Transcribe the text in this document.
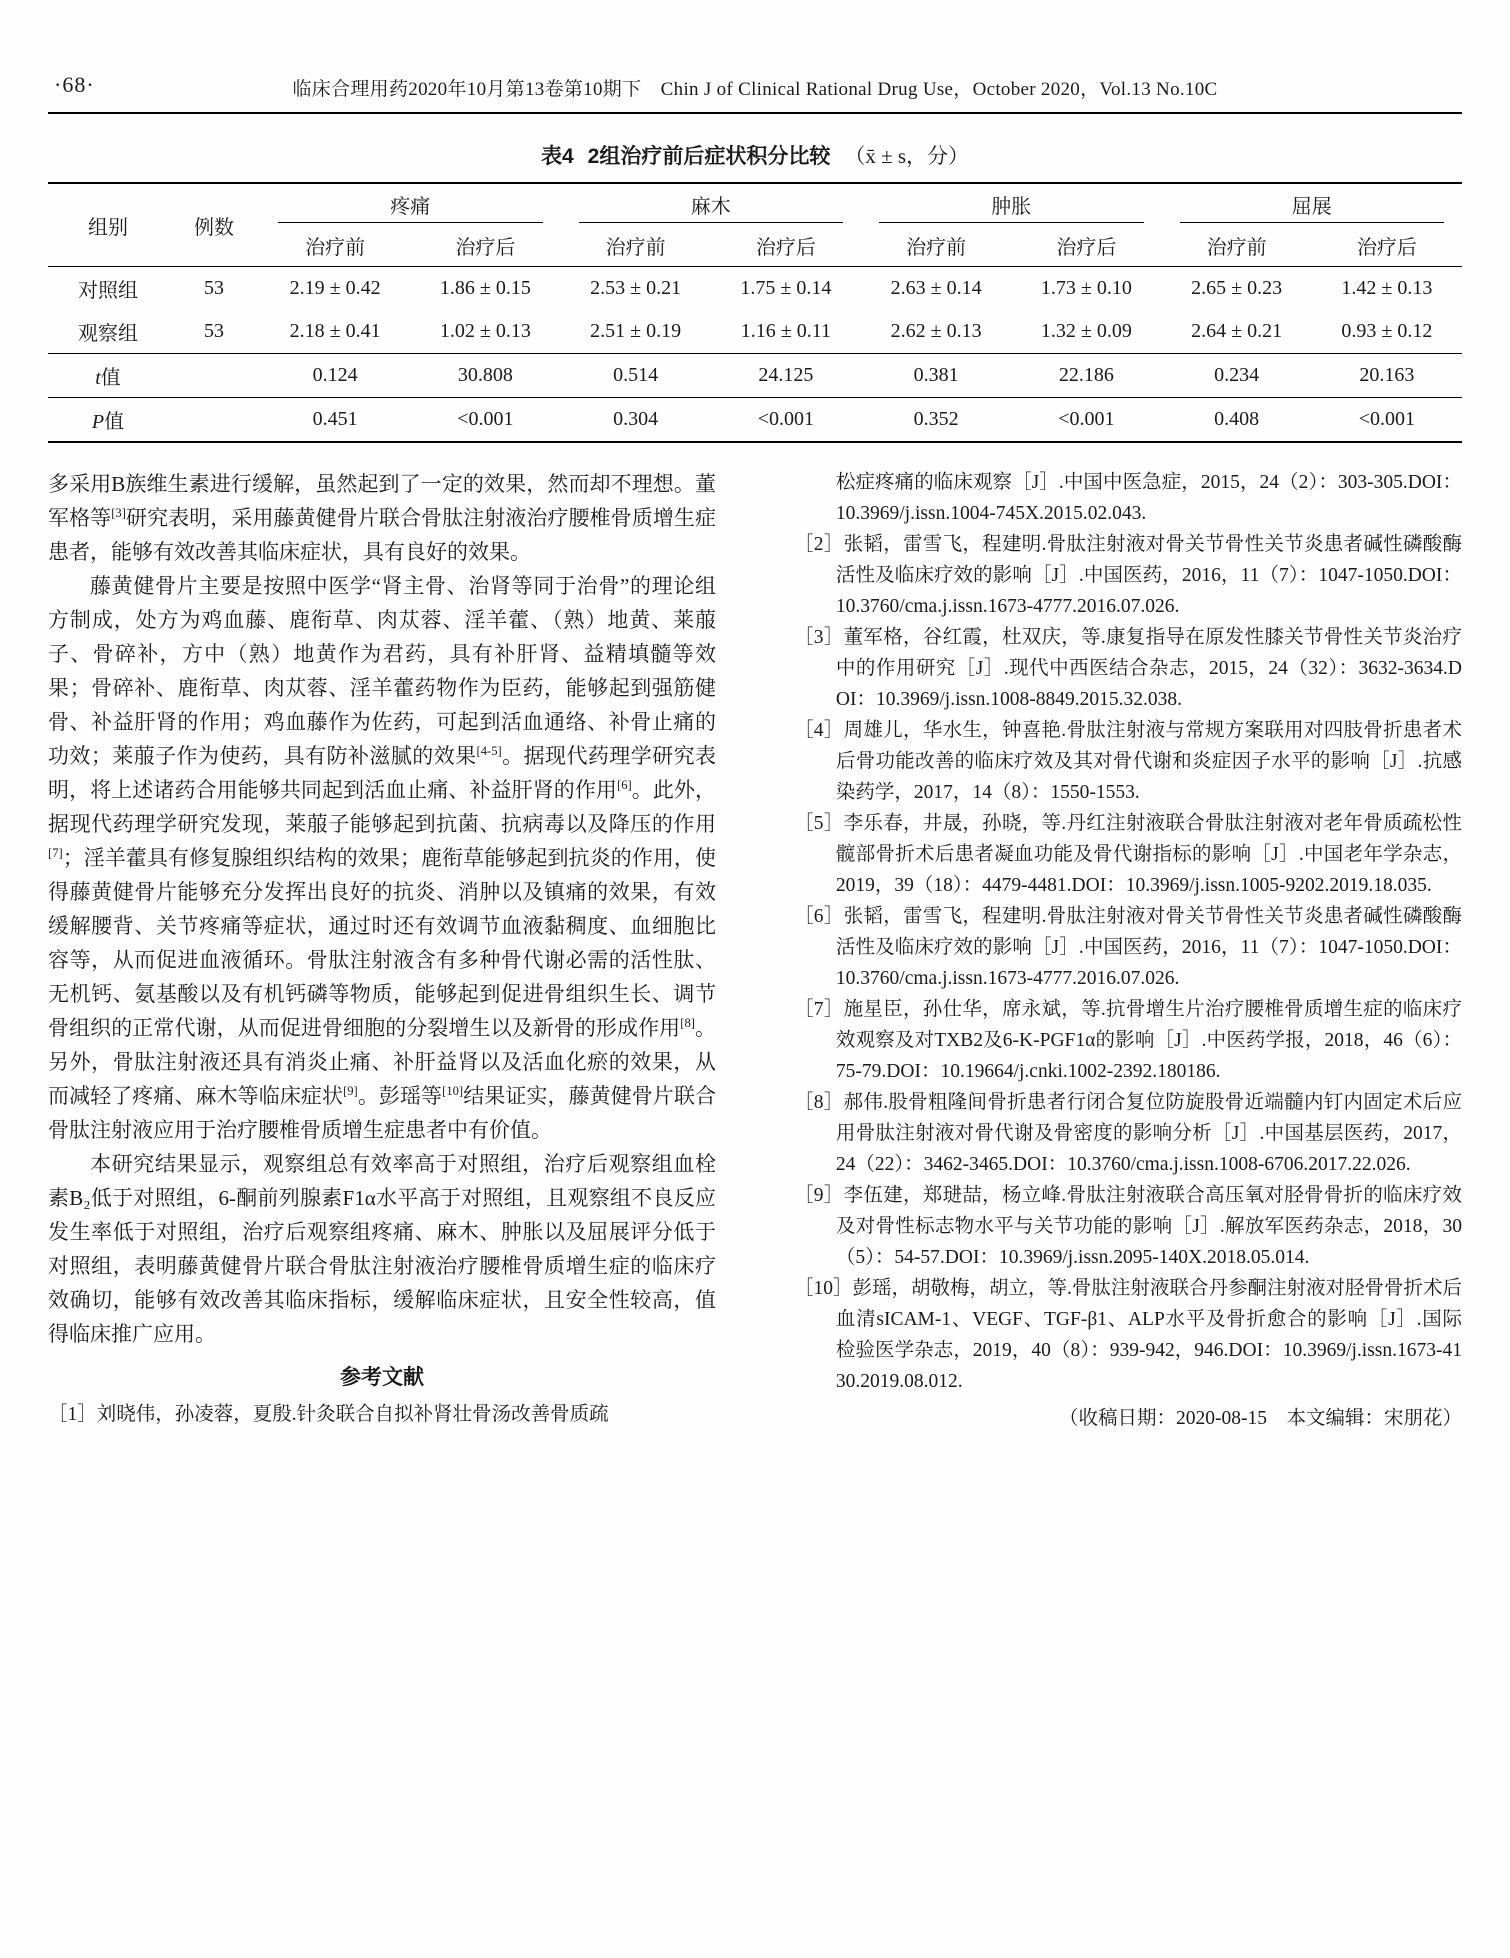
·68·	临床合理用药2020年10月第13卷第10期下　Chin J of Clinical Rational Drug Use，October 2020，Vol.13 No.10C
表4 2组治疗前后症状积分比较 （x̄ ± s，分）
组别	例数	疼痛		麻木		肿胀		屈展	
		治疗前	治疗后	治疗前	治疗后	治疗前	治疗后	治疗前	治疗后
对照组	53	2.19 ± 0.42	1.86 ± 0.15	2.53 ± 0.21	1.75 ± 0.14	2.63 ± 0.14	1.73 ± 0.10	2.65 ± 0.23	1.42 ± 0.13
观察组	53	2.18 ± 0.41	1.02 ± 0.13	2.51 ± 0.19	1.16 ± 0.11	2.62 ± 0.13	1.32 ± 0.09	2.64 ± 0.21	0.93 ± 0.12
t值		0.124	30.808	0.514	24.125	0.381	22.186	0.234	20.163
P值		0.451	<0.001	0.304	<0.001	0.352	<0.001	0.408	<0.001

多采用B族维生素进行缓解，虽然起到了一定的效果，然而却不理想。董军格等[3]研究表明，采用藤黄健骨片联合骨肽注射液治疗腰椎骨质增生症患者，能够有效改善其临床症状，具有良好的效果。

藤黄健骨片主要是按照中医学“肾主骨、治肾等同于治骨”的理论组方制成，处方为鸡血藤、鹿衔草、肉苁蓉、淫羊藿、（熟）地黄、莱菔子、骨碎补，方中（熟）地黄作为君药，具有补肝肾、益精填髓等效果；骨碎补、鹿衔草、肉苁蓉、淫羊藿药物作为臣药，能够起到强筋健骨、补益肝肾的作用；鸡血藤作为佐药，可起到活血通络、补骨止痛的功效；莱菔子作为使药，具有防补滋腻的效果[4-5]。据现代药理学研究表明，将上述诸药合用能够共同起到活血止痛、补益肝肾的作用[6]。此外，据现代药理学研究发现，莱菔子能够起到抗菌、抗病毒以及降压的作用[7]；淫羊藿具有修复腺组织结构的效果；鹿衔草能够起到抗炎的作用，使得藤黄健骨片能够充分发挥出良好的抗炎、消肿以及镇痛的效果，有效缓解腰背、关节疼痛等症状，通过时还有效调节血液黏稠度、血细胞比容等，从而促进血液循环。骨肽注射液含有多种骨代谢必需的活性肽、无机钙、氨基酸以及有机钙磷等物质，能够起到促进骨组织生长、调节骨组织的正常代谢，从而促进骨细胞的分裂增生以及新骨的形成作用[8]。另外，骨肽注射液还具有消炎止痛、补肝益肾以及活血化瘀的效果，从而减轻了疼痛、麻木等临床症状[9]。彭瑶等[10]结果证实，藤黄健骨片联合骨肽注射液应用于治疗腰椎骨质增生症患者中有价值。

本研究结果显示，观察组总有效率高于对照组，治疗后观察组血栓素B₂低于对照组，6-酮前列腺素F1α水平高于对照组，且观察组不良反应发生率低于对照组，治疗后观察组疼痛、麻木、肿胀以及屈展评分低于对照组，表明藤黄健骨片联合骨肽注射液治疗腰椎骨质增生症的临床疗效确切，能够有效改善其临床指标，缓解临床症状，且安全性较高，值得临床推广应用。

参考文献
［1］刘晓伟，孙凌蓉，夏殷.针灸联合自拟补肾壮骨汤改善骨质疏
松症疼痛的临床观察［J］.中国中医急症，2015，24（2）：303-305.DOI：10.3969/j.issn.1004-745X.2015.02.043.
［2］张韬，雷雪飞，程建明.骨肽注射液对骨关节骨性关节炎患者碱性磷酸酶活性及临床疗效的影响［J］.中国医药，2016，11（7）：1047-1050.DOI：10.3760/cma.j.issn.1673-4777.2016.07.026.
［3］董军格，谷红霞，杜双庆，等.康复指导在原发性膝关节骨性关节炎治疗中的作用研究［J］.现代中西医结合杂志，2015，24（32）：3632-3634.DOI：10.3969/j.issn.1008-8849.2015.32.038.
［4］周雄儿，华水生，钟喜艳.骨肽注射液与常规方案联用对四肢骨折患者术后骨功能改善的临床疗效及其对骨代谢和炎症因子水平的影响［J］.抗感染药学，2017，14（8）：1550-1553.
［5］李乐春，井晟，孙晓，等.丹红注射液联合骨肽注射液对老年骨质疏松性髋部骨折术后患者凝血功能及骨代谢指标的影响［J］.中国老年学杂志，2019，39（18）：4479-4481.DOI：10.3969/j.issn.1005-9202.2019.18.035.
［6］张韬，雷雪飞，程建明.骨肽注射液对骨关节骨性关节炎患者碱性磷酸酶活性及临床疗效的影响［J］.中国医药，2016，11（7）：1047-1050.DOI：10.3760/cma.j.issn.1673-4777.2016.07.026.
［7］施星臣，孙仕华，席永斌，等.抗骨增生片治疗腰椎骨质增生症的临床疗效观察及对TXB2及6-K-PGF1α的影响［J］.中医药学报，2018，46（6）：75-79.DOI：10.19664/j.cnki.1002-2392.180186.
［8］郝伟.股骨粗隆间骨折患者行闭合复位防旋股骨近端髓内钉内固定术后应用骨肽注射液对骨代谢及骨密度的影响分析［J］.中国基层医药，2017，24（22）：3462-3465.DOI：10.3760/cma.j.issn.1008-6706.2017.22.026.
［9］李伍建，郑琎喆，杨立峰.骨肽注射液联合高压氧对胫骨骨折的临床疗效及对骨性标志物水平与关节功能的影响［J］.解放军医药杂志，2018，30（5）：54-57.DOI：10.3969/j.issn.2095-140X.2018.05.014.
［10］彭瑶，胡敬梅，胡立，等.骨肽注射液联合丹参酮注射液对胫骨骨折术后血清sICAM-1、VEGF、TGF-β1、ALP水平及骨折愈合的影响［J］.国际检验医学杂志，2019，40（8）：939-942，946.DOI：10.3969/j.issn.1673-4130.2019.08.012.
（收稿日期：2020-08-15　本文编辑：宋朋花）
